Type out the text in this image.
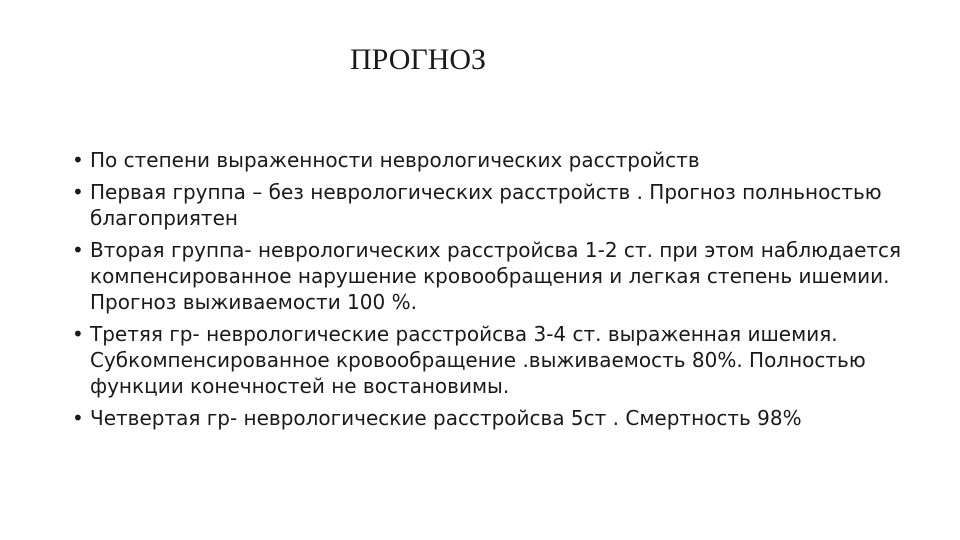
ПРОГНОЗ
• По степени выраженности неврологических расстройств
• Первая группа – без неврологических расстройств . Прогноз полньностью благоприятен
• Вторая группа- неврологических расстройсва 1-2 ст. при этом наблюдается компенсированное нарушение кровообращения и легкая степень ишемии. Прогноз выживаемости 100 %.
• Третяя гр- неврологические расстройсва 3-4 ст. выраженная ишемия. Субкомпенсированное кровообращение .выживаемость 80%. Полностью функции конечностей не востановимы.
• Четвертая гр- неврологические расстройсва 5ст . Смертность 98%
